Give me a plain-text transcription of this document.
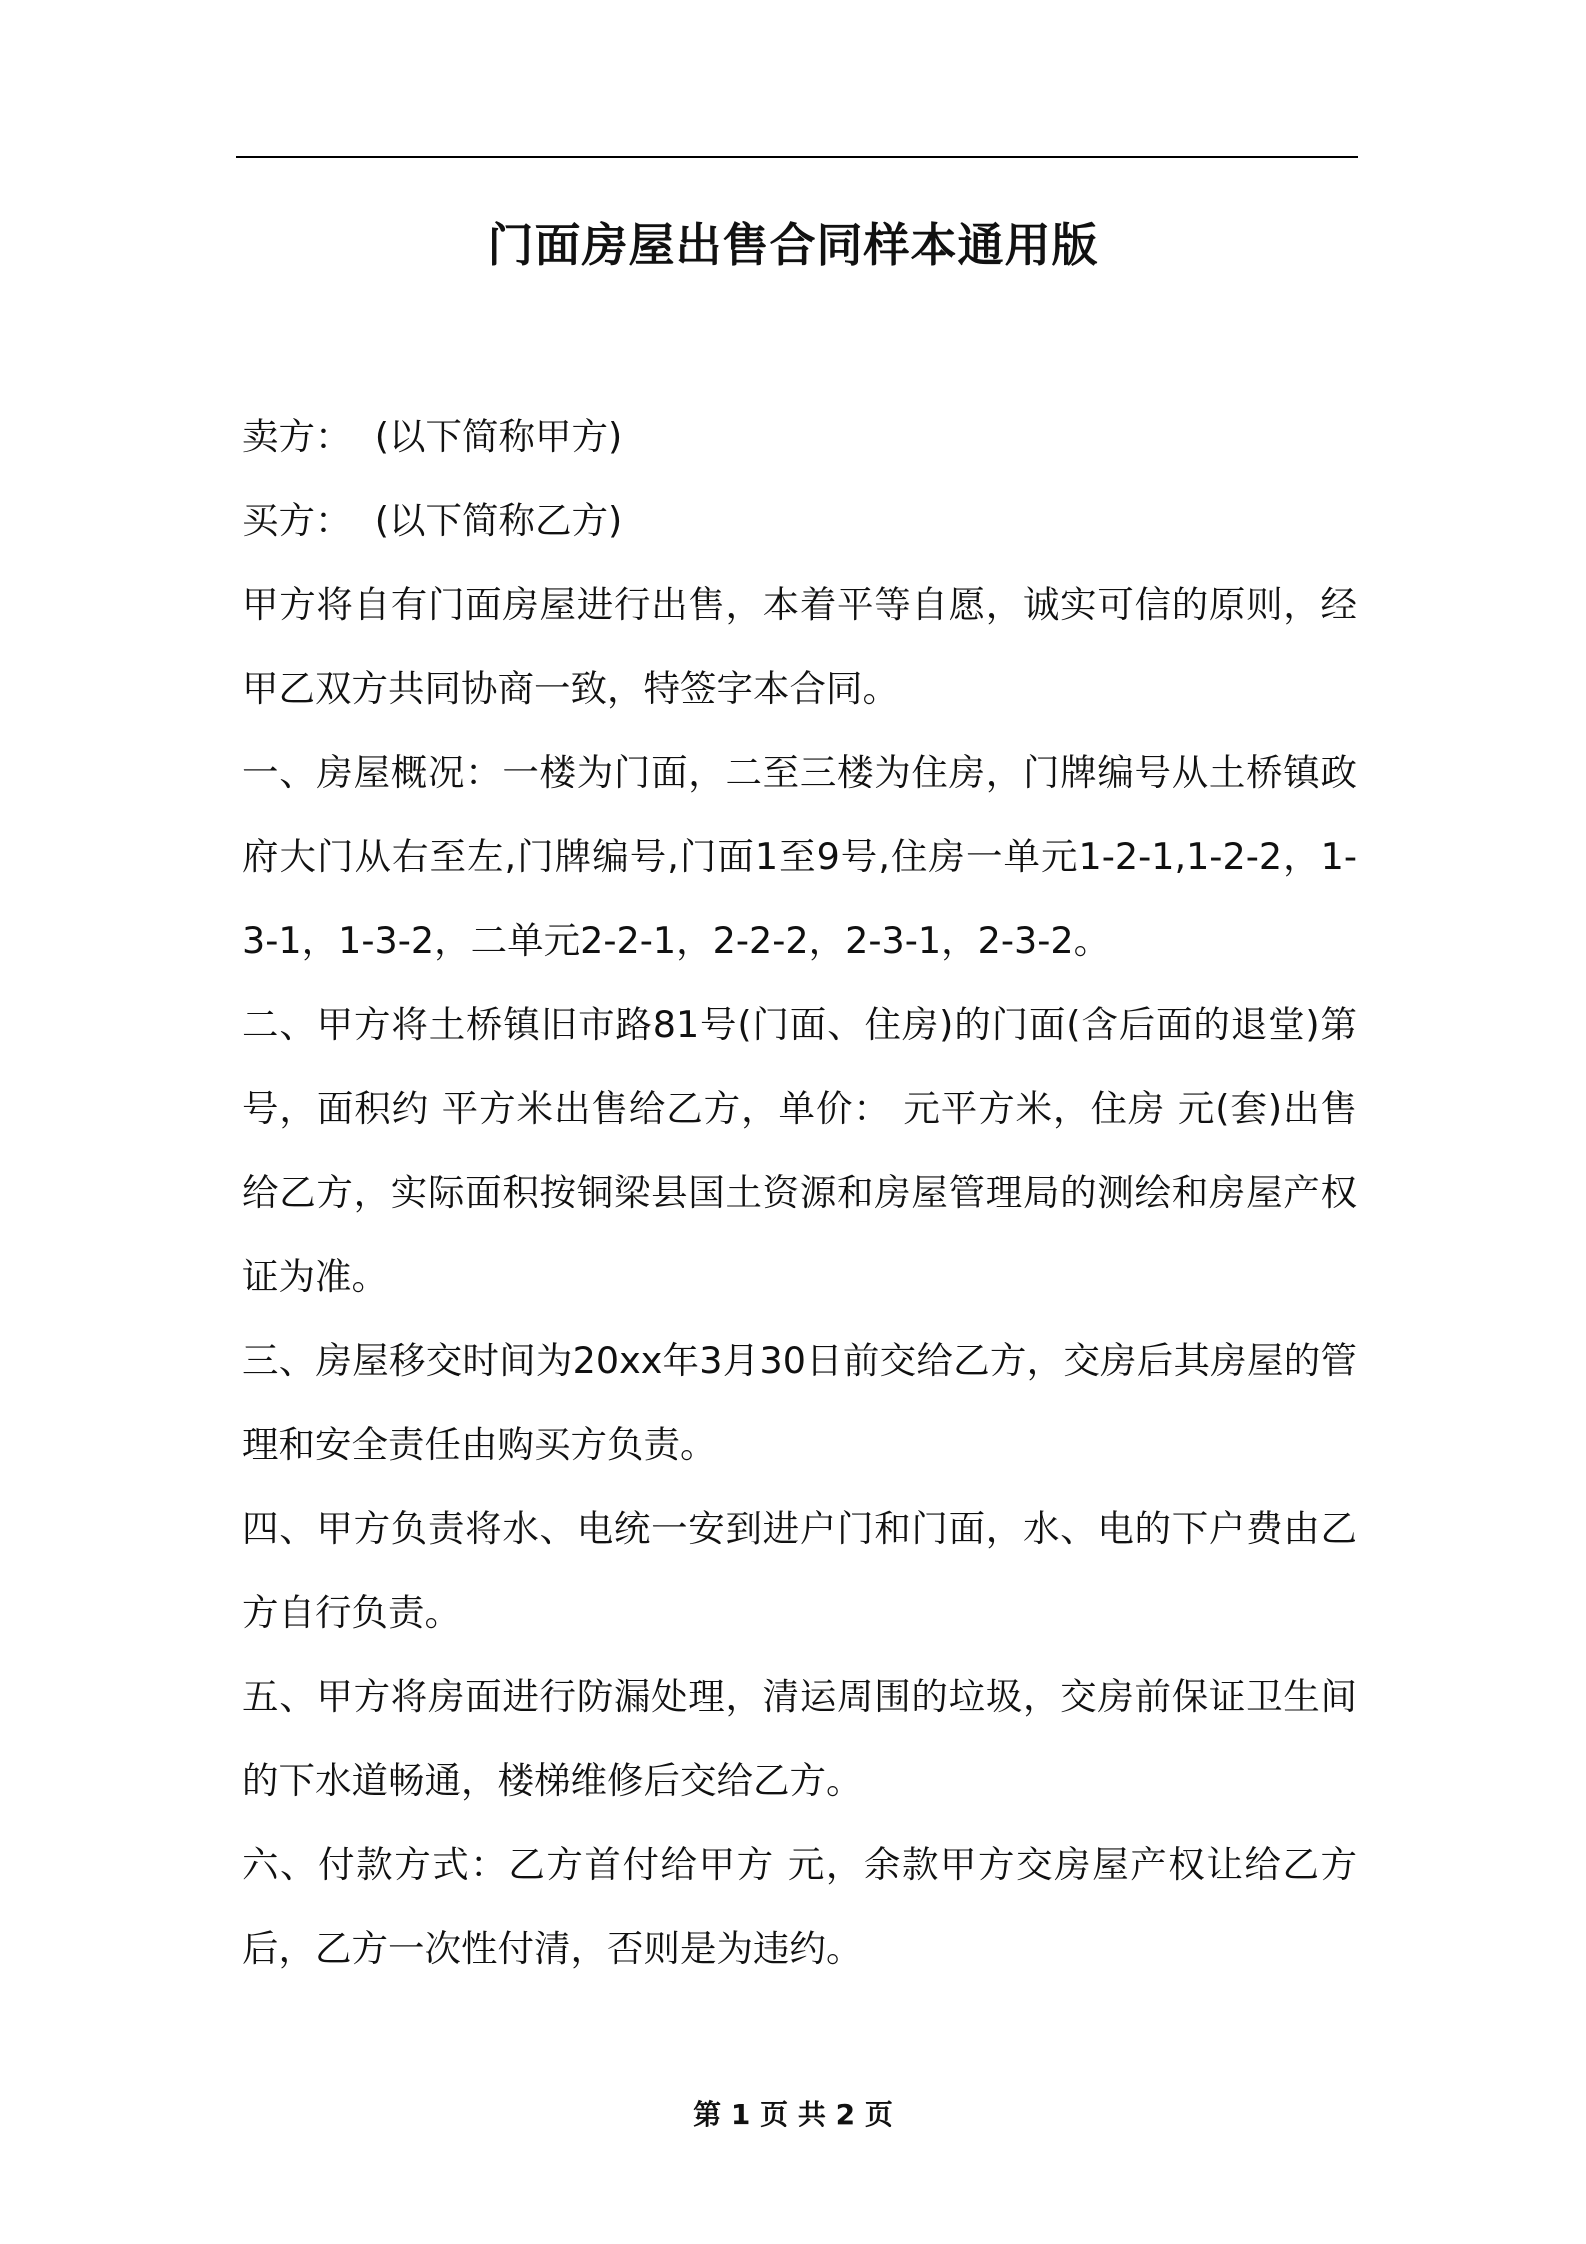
门面房屋出售合同样本通用版

卖方：  (以下简称甲方)

买方：  (以下简称乙方)

甲方将自有门面房屋进行出售，本着平等自愿，诚实可信的原则，经甲乙双方共同协商一致，特签字本合同。

一、房屋概况：一楼为门面，二至三楼为住房，门牌编号从土桥镇政府大门从右至左,门牌编号,门面1至9号,住房一单元1-2-1,1-2-2，1-3-1，1-3-2，二单元2-2-1，2-2-2，2-3-1，2-3-2。

二、甲方将土桥镇旧市路81号(门面、住房)的门面(含后面的退堂)第 号，面积约 平方米出售给乙方，单价： 元平方米，住房 元(套)出售给乙方，实际面积按铜梁县国土资源和房屋管理局的测绘和房屋产权证为准。

三、房屋移交时间为20xx年3月30日前交给乙方，交房后其房屋的管理和安全责任由购买方负责。

四、甲方负责将水、电统一安到进户门和门面，水、电的下户费由乙方自行负责。

五、甲方将房面进行防漏处理，清运周围的垃圾，交房前保证卫生间的下水道畅通，楼梯维修后交给乙方。

六、付款方式：乙方首付给甲方 元，余款甲方交房屋产权让给乙方后，乙方一次性付清，否则是为违约。

第 1 页 共 2 页
